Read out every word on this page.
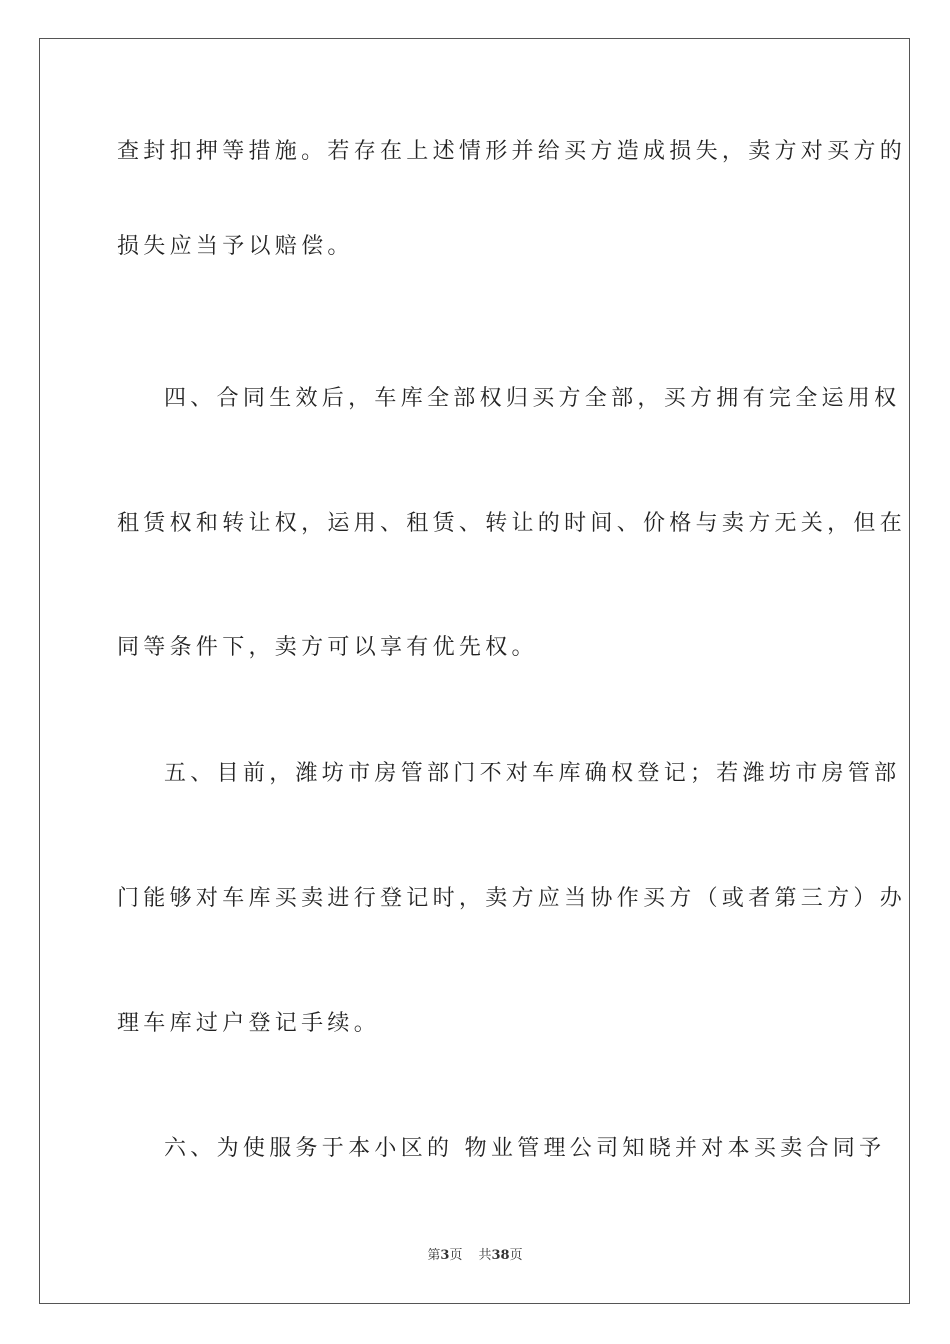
查封扣押等措施。若存在上述情形并给买方造成损失，卖方对买方的
损失应当予以赔偿。
四、合同生效后，车库全部权归买方全部，买方拥有完全运用权
租赁权和转让权，运用、租赁、转让的时间、价格与卖方无关，但在
同等条件下，卖方可以享有优先权。
五、目前，潍坊市房管部门不对车库确权登记；若潍坊市房管部
门能够对车库买卖进行登记时，卖方应当协作买方（或者第三方）办
理车库过户登记手续。
六、为使服务于本小区的 物业管理公司知晓并对本买卖合同予
第3页 共38页
